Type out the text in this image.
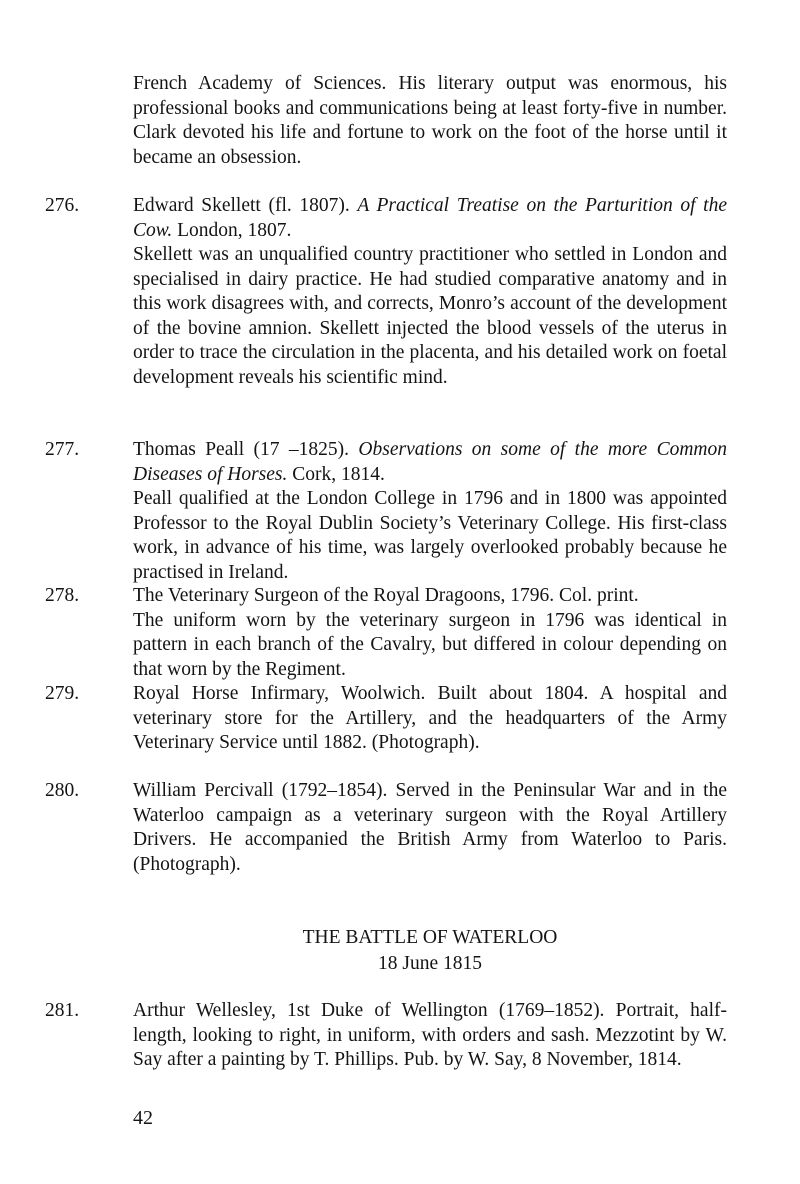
French Academy of Sciences. His literary output was enormous, his professional books and communications being at least forty-five in number. Clark devoted his life and fortune to work on the foot of the horse until it became an obsession.
276.	Edward Skellett (fl. 1807). A Practical Treatise on the Parturition of the Cow. London, 1807.

Skellett was an unqualified country practitioner who settled in London and specialised in dairy practice. He had studied comparative anatomy and in this work disagrees with, and corrects, Monro’s account of the development of the bovine amnion. Skellett injected the blood vessels of the uterus in order to trace the circulation in the placenta, and his detailed work on foetal development reveals his scientific mind.

277.	Thomas Peall (17 –1825). Observations on some of the more Common Diseases of Horses. Cork, 1814.

Peall qualified at the London College in 1796 and in 1800 was appointed Professor to the Royal Dublin Society’s Veterinary College. His first-class work, in advance of his time, was largely overlooked probably because he practised in Ireland.

278.	The Veterinary Surgeon of the Royal Dragoons, 1796. Col. print.

The uniform worn by the veterinary surgeon in 1796 was identical in pattern in each branch of the Cavalry, but differed in colour depending on that worn by the Regiment.

279.	Royal Horse Infirmary, Woolwich. Built about 1804. A hospital and veterinary store for the Artillery, and the headquarters of the Army Veterinary Service until 1882. (Photograph).

280.	William Percivall (1792–1854). Served in the Peninsular War and in the Waterloo campaign as a veterinary surgeon with the Royal Artillery Drivers. He accompanied the British Army from Waterloo to Paris. (Photograph).

THE BATTLE OF WATERLOO
18 June 1815
281.	Arthur Wellesley, 1st Duke of Wellington (1769–1852). Portrait, half-length, looking to right, in uniform, with orders and sash. Mezzotint by W. Say after a painting by T. Phillips. Pub. by W. Say, 8 November, 1814.

42
